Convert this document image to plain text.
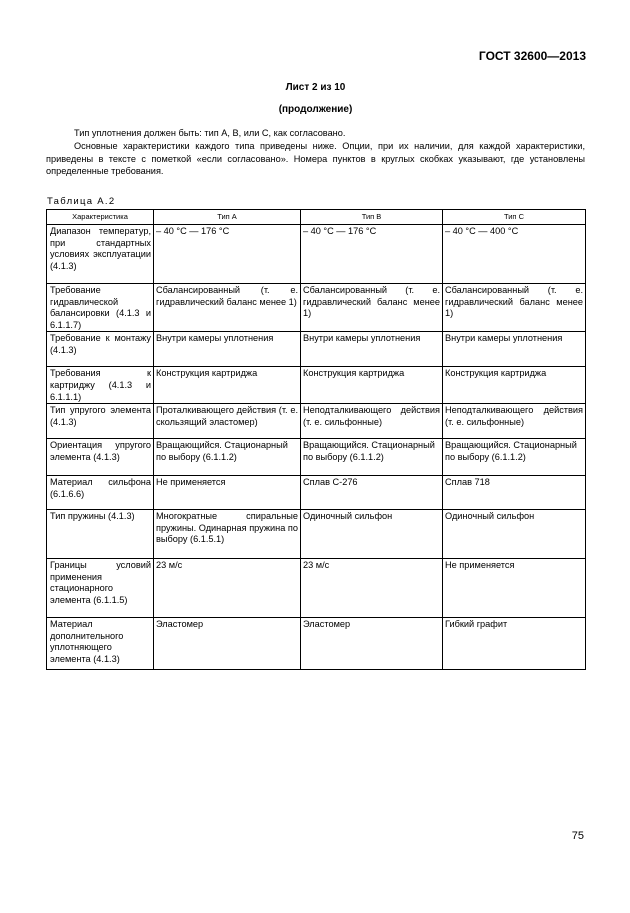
ГОСТ 32600—2013
Лист 2 из 10
(продолжение)
Тип уплотнения должен быть: тип А, В, или С, как согласовано.
Основные характеристики каждого типа приведены ниже. Опции, при их наличии, для каждой характеристики, приведены в тексте с пометкой «если согласовано». Номера пунктов в круглых скобках указывают, где установлены определенные требования.
Таблица А.2
Характеристика	Тип А	Тип В	Тип С
Диапазон температур, при стандартных условиях эксплуатации (4.1.3)	– 40 °С — 176 °С	– 40 °С — 176 °С	– 40 °С — 400 °С
Требование гидравлической балансировки (4.1.3 и 6.1.1.7)	Сбалансированный (т. е. гидравлический баланс менее 1)	Сбалансированный (т. е. гидравлический баланс менее 1)	Сбалансированный (т. е. гидравлический баланс менее 1)
Требование к монтажу (4.1.3)	Внутри камеры уплотнения	Внутри камеры уплотнения	Внутри камеры уплотнения
Требования к картриджу (4.1.3 и 6.1.1.1)	Конструкция картриджа	Конструкция картриджа	Конструкция картриджа
Тип упругого элемента (4.1.3)	Проталкивающего действия (т. е. скользящий эластомер)	Неподталкивающего действия (т. е. сильфонные)	Неподталкивающего действия (т. е. сильфонные)
Ориентация упругого элемента (4.1.3)	Вращающийся. Стационарный по выбору (6.1.1.2)	Вращающийся. Стационарный по выбору (6.1.1.2)	Вращающийся. Стационарный по выбору (6.1.1.2)
Материал сильфона (6.1.6.6)	Не применяется	Сплав С-276	Сплав 718
Тип пружины (4.1.3)	Многократные спиральные пружины. Одинарная пружина по выбору (6.1.5.1)	Одиночный сильфон	Одиночный сильфон
Границы условий применения стационарного элемента (6.1.1.5)	23 м/с	23 м/с	Не применяется
Материал дополнительного уплотняющего элемента (4.1.3)	Эластомер	Эластомер	Гибкий графит
75
